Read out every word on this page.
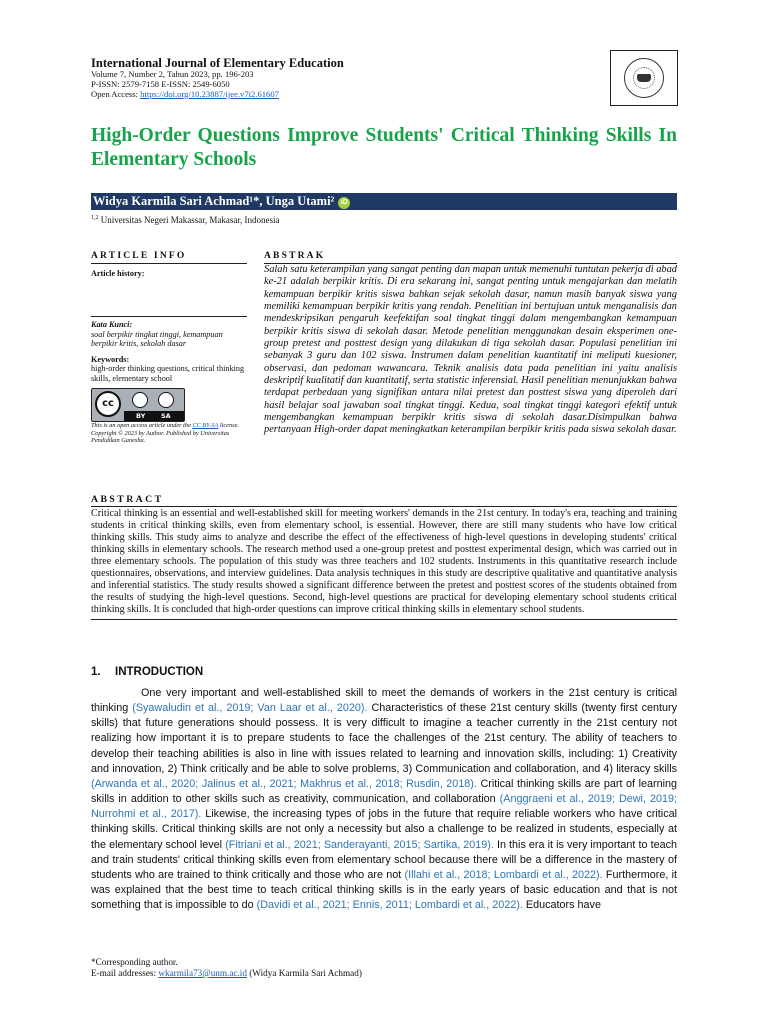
International Journal of Elementary Education
Volume 7, Number 2, Tahun 2023, pp. 196-203
P-ISSN: 2579-7158 E-ISSN: 2549-6050
Open Access: https://doi.org/10.23887/ijee.v7i2.61607
High-Order Questions Improve Students' Critical Thinking Skills In Elementary Schools
Widya Karmila Sari Achmad¹*, Unga Utami² iD
$^{1,2}$ Universitas Negeri Makassar, Makasar, Indonesia
ARTICLE INFO
Article history:
Kata Kunci:
soal berpikir tingkat tinggi, kemampuan berpikir kritis, sekolah dasar
Keywords:
high-order thinking questions, critical thinking skills, elementary school
cc
BY SA
This is an open access article under the CC BY-SA license.
Copyright © 2023 by Author. Published by Universitas Pendidikan Ganesha.
ABSTRAK
Salah satu keterampilan yang sangat penting dan mapan untuk memenuhi tuntutan pekerja di abad ke-21 adalah berpikir kritis. Di era sekarang ini, sangat penting untuk mengajarkan dan melatih kemampuan berpikir kritis siswa bahkan sejak sekolah dasar, namun masih banyak siswa yang memiliki kemampuan berpikir kritis yang rendah. Penelitian ini bertujuan untuk menganalisis dan mendeskripsikan pengaruh keefektifan soal tingkat tinggi dalam mengembangkan kemampuan berpikir kritis siswa di sekolah dasar. Metode penelitian menggunakan desain eksperimen one-group pretest and posttest design yang dilakukan di tiga sekolah dasar. Populasi penelitian ini sebanyak 3 guru dan 102 siswa. Instrumen dalam penelitian kuantitatif ini meliputi kuesioner, observasi, dan pedoman wawancara. Teknik analisis data pada penelitian ini yaitu analisis deskriptif kualitatif dan kuantitatif, serta statistic inferensial. Hasil penelitian menunjukkan bahwa terdapat perbedaan yang signifikan antara nilai pretest dan posttest siswa yang diperoleh dari hasil belajar soal jawaban soal tingkat tinggi. Kedua, soal tingkat tinggi kategori efektif untuk mengembangkan kemampuan berpikir kritis siswa di sekolah dasar.Disimpulkan bahwa pertanyaan High-order dapat meningkatkan keterampilan berpikir kritis pada siswa sekolah dasar.
ABSTRACT
Critical thinking is an essential and well-established skill for meeting workers' demands in the 21st century. In today's era, teaching and training students in critical thinking skills, even from elementary school, is essential. However, there are still many students who have low critical thinking skills. This study aims to analyze and describe the effect of the effectiveness of high-level questions in developing students' critical thinking skills in elementary schools. The research method used a one-group pretest and posttest experimental design, which was carried out in three elementary schools. The population of this study was three teachers and 102 students. Instruments in this quantitative research include questionnaires, observations, and interview guidelines. Data analysis techniques in this study are descriptive qualitative and quantitative analysis and inferential statistics. The study results showed a significant difference between the pretest and posttest scores of the students obtained from the results of studying the high-level questions. Second, high-level questions are practical for developing elementary school students critical thinking skills. It is concluded that high-order questions can improve critical thinking skills in elementary school students.
1. INTRODUCTION
One very important and well-established skill to meet the demands of workers in the 21st century is critical thinking (Syawaludin et al., 2019; Van Laar et al., 2020). Characteristics of these 21st century skills (twenty first century skills) that future generations should possess. It is very difficult to imagine a teacher currently in the 21st century not realizing how important it is to prepare students to face the challenges of the 21st century. The ability of teachers to develop their teaching abilities is also in line with issues related to learning and innovation skills, including: 1) Creativity and innovation, 2) Think critically and be able to solve problems, 3) Communication and collaboration, and 4) literacy skills (Arwanda et al., 2020; Jalinus et al., 2021; Makhrus et al., 2018; Rusdin, 2018). Critical thinking skills are part of learning skills in addition to other skills such as creativity, communication, and collaboration (Anggraeni et al., 2019; Dewi, 2019; Nurrohmi et al., 2017). Likewise, the increasing types of jobs in the future that require reliable workers who have critical thinking skills. Critical thinking skills are not only a necessity but also a challenge to be realized in students, especially at the elementary school level (Fitriani et al., 2021; Sanderayanti, 2015; Sartika, 2019). In this era it is very important to teach and train students' critical thinking skills even from elementary school because there will be a difference in the mastery of students who are trained to think critically and those who are not (Illahi et al., 2018; Lombardi et al., 2022). Furthermore, it was explained that the best time to teach critical thinking skills is in the early years of basic education and that is not something that is impossible to do (Davidi et al., 2021; Ennis, 2011; Lombardi et al., 2022). Educators have
*Corresponding author.
E-mail addresses: wkarmila73@unm.ac.id (Widya Karmila Sari Achmad)
